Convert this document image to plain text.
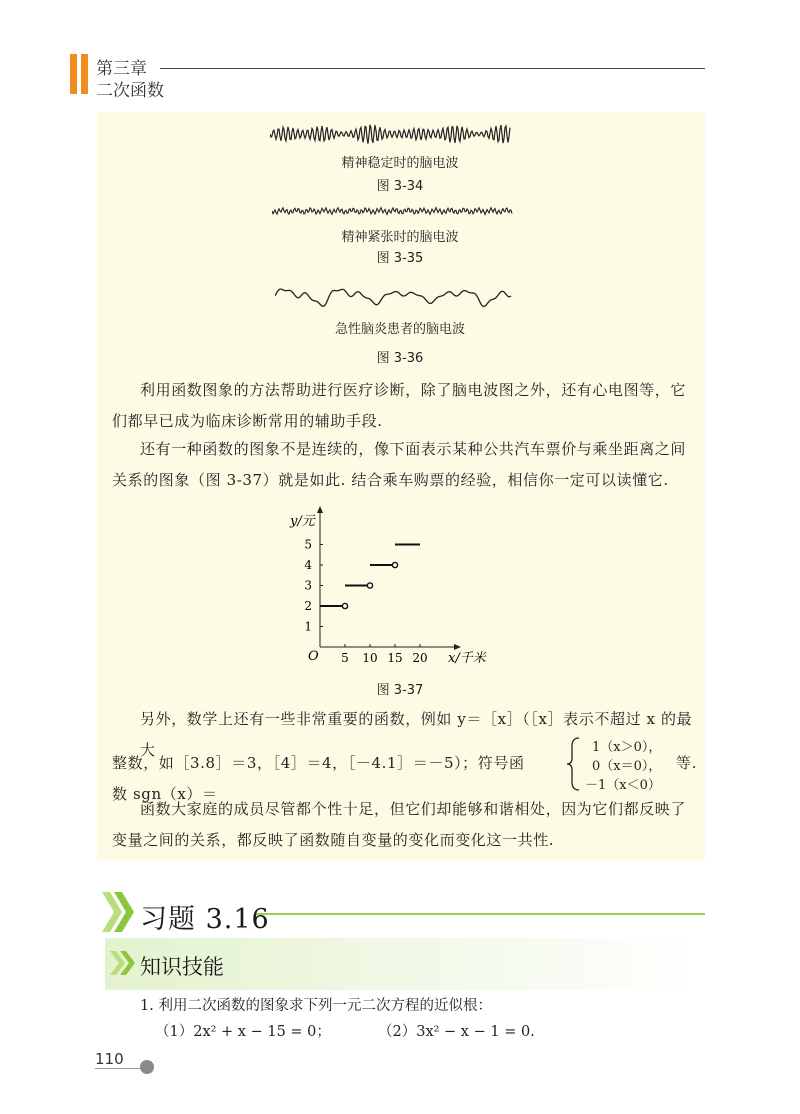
第三章
二次函数
精神稳定时的脑电波
图 3-34
精神紧张时的脑电波
图 3-35
急性脑炎患者的脑电波
图 3-36
利用函数图象的方法帮助进行医疗诊断，除了脑电波图之外，还有心电图等，它
们都早已成为临床诊断常用的辅助手段.
还有一种函数的图象不是连续的，像下面表示某种公共汽车票价与乘坐距离之间
关系的图象（图 3-37）就是如此. 结合乘车购票的经验，相信你一定可以读懂它.
5 10 15 20
1
2
3
4
5
y/元
x/千米
O
图 3-37
另外，数学上还有一些非常重要的函数，例如 y＝［x］（［x］表示不超过 x 的最大
整数，如［3.8］＝3，［4］＝4，［－4.1］＝－5）；符号函数 sgn（x）＝
1（x＞0），
0（x＝0），
－1（x＜0）
等.
函数大家庭的成员尽管都个性十足，但它们却能够和谐相处，因为它们都反映了
变量之间的关系，都反映了函数随自变量的变化而变化这一共性.
习题 3.16
知识技能
1. 利用二次函数的图象求下列一元二次方程的近似根：
（1）2x² + x − 15 = 0；	（2）3x² − x − 1 = 0.
110
